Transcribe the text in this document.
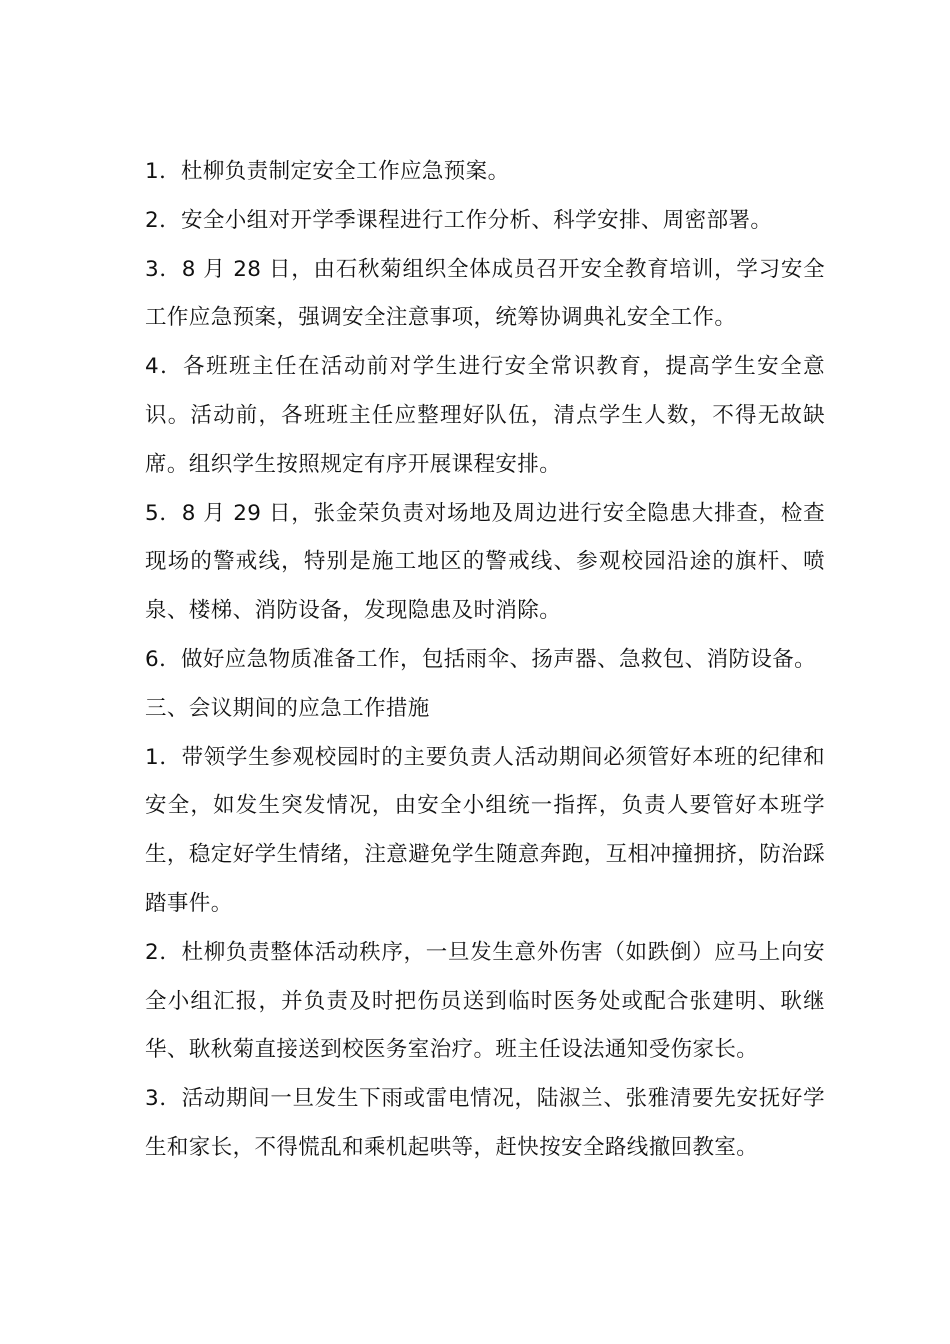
1．杜柳负责制定安全工作应急预案。

2．安全小组对开学季课程进行工作分析、科学安排、周密部署。

3．8 月 28 日，由石秋菊组织全体成员召开安全教育培训，学习安全工作应急预案，强调安全注意事项，统筹协调典礼安全工作。

4．各班班主任在活动前对学生进行安全常识教育，提高学生安全意识。活动前，各班班主任应整理好队伍，清点学生人数，不得无故缺席。组织学生按照规定有序开展课程安排。

5．8 月 29 日，张金荣负责对场地及周边进行安全隐患大排查，检查现场的警戒线，特别是施工地区的警戒线、参观校园沿途的旗杆、喷泉、楼梯、消防设备，发现隐患及时消除。

6．做好应急物质准备工作，包括雨伞、扬声器、急救包、消防设备。

三、会议期间的应急工作措施

1．带领学生参观校园时的主要负责人活动期间必须管好本班的纪律和安全，如发生突发情况，由安全小组统一指挥，负责人要管好本班学生，稳定好学生情绪，注意避免学生随意奔跑，互相冲撞拥挤，防治踩踏事件。

2．杜柳负责整体活动秩序，一旦发生意外伤害（如跌倒）应马上向安全小组汇报，并负责及时把伤员送到临时医务处或配合张建明、耿继华、耿秋菊直接送到校医务室治疗。班主任设法通知受伤家长。

3．活动期间一旦发生下雨或雷电情况，陆淑兰、张雅清要先安抚好学生和家长，不得慌乱和乘机起哄等，赶快按安全路线撤回教室。
